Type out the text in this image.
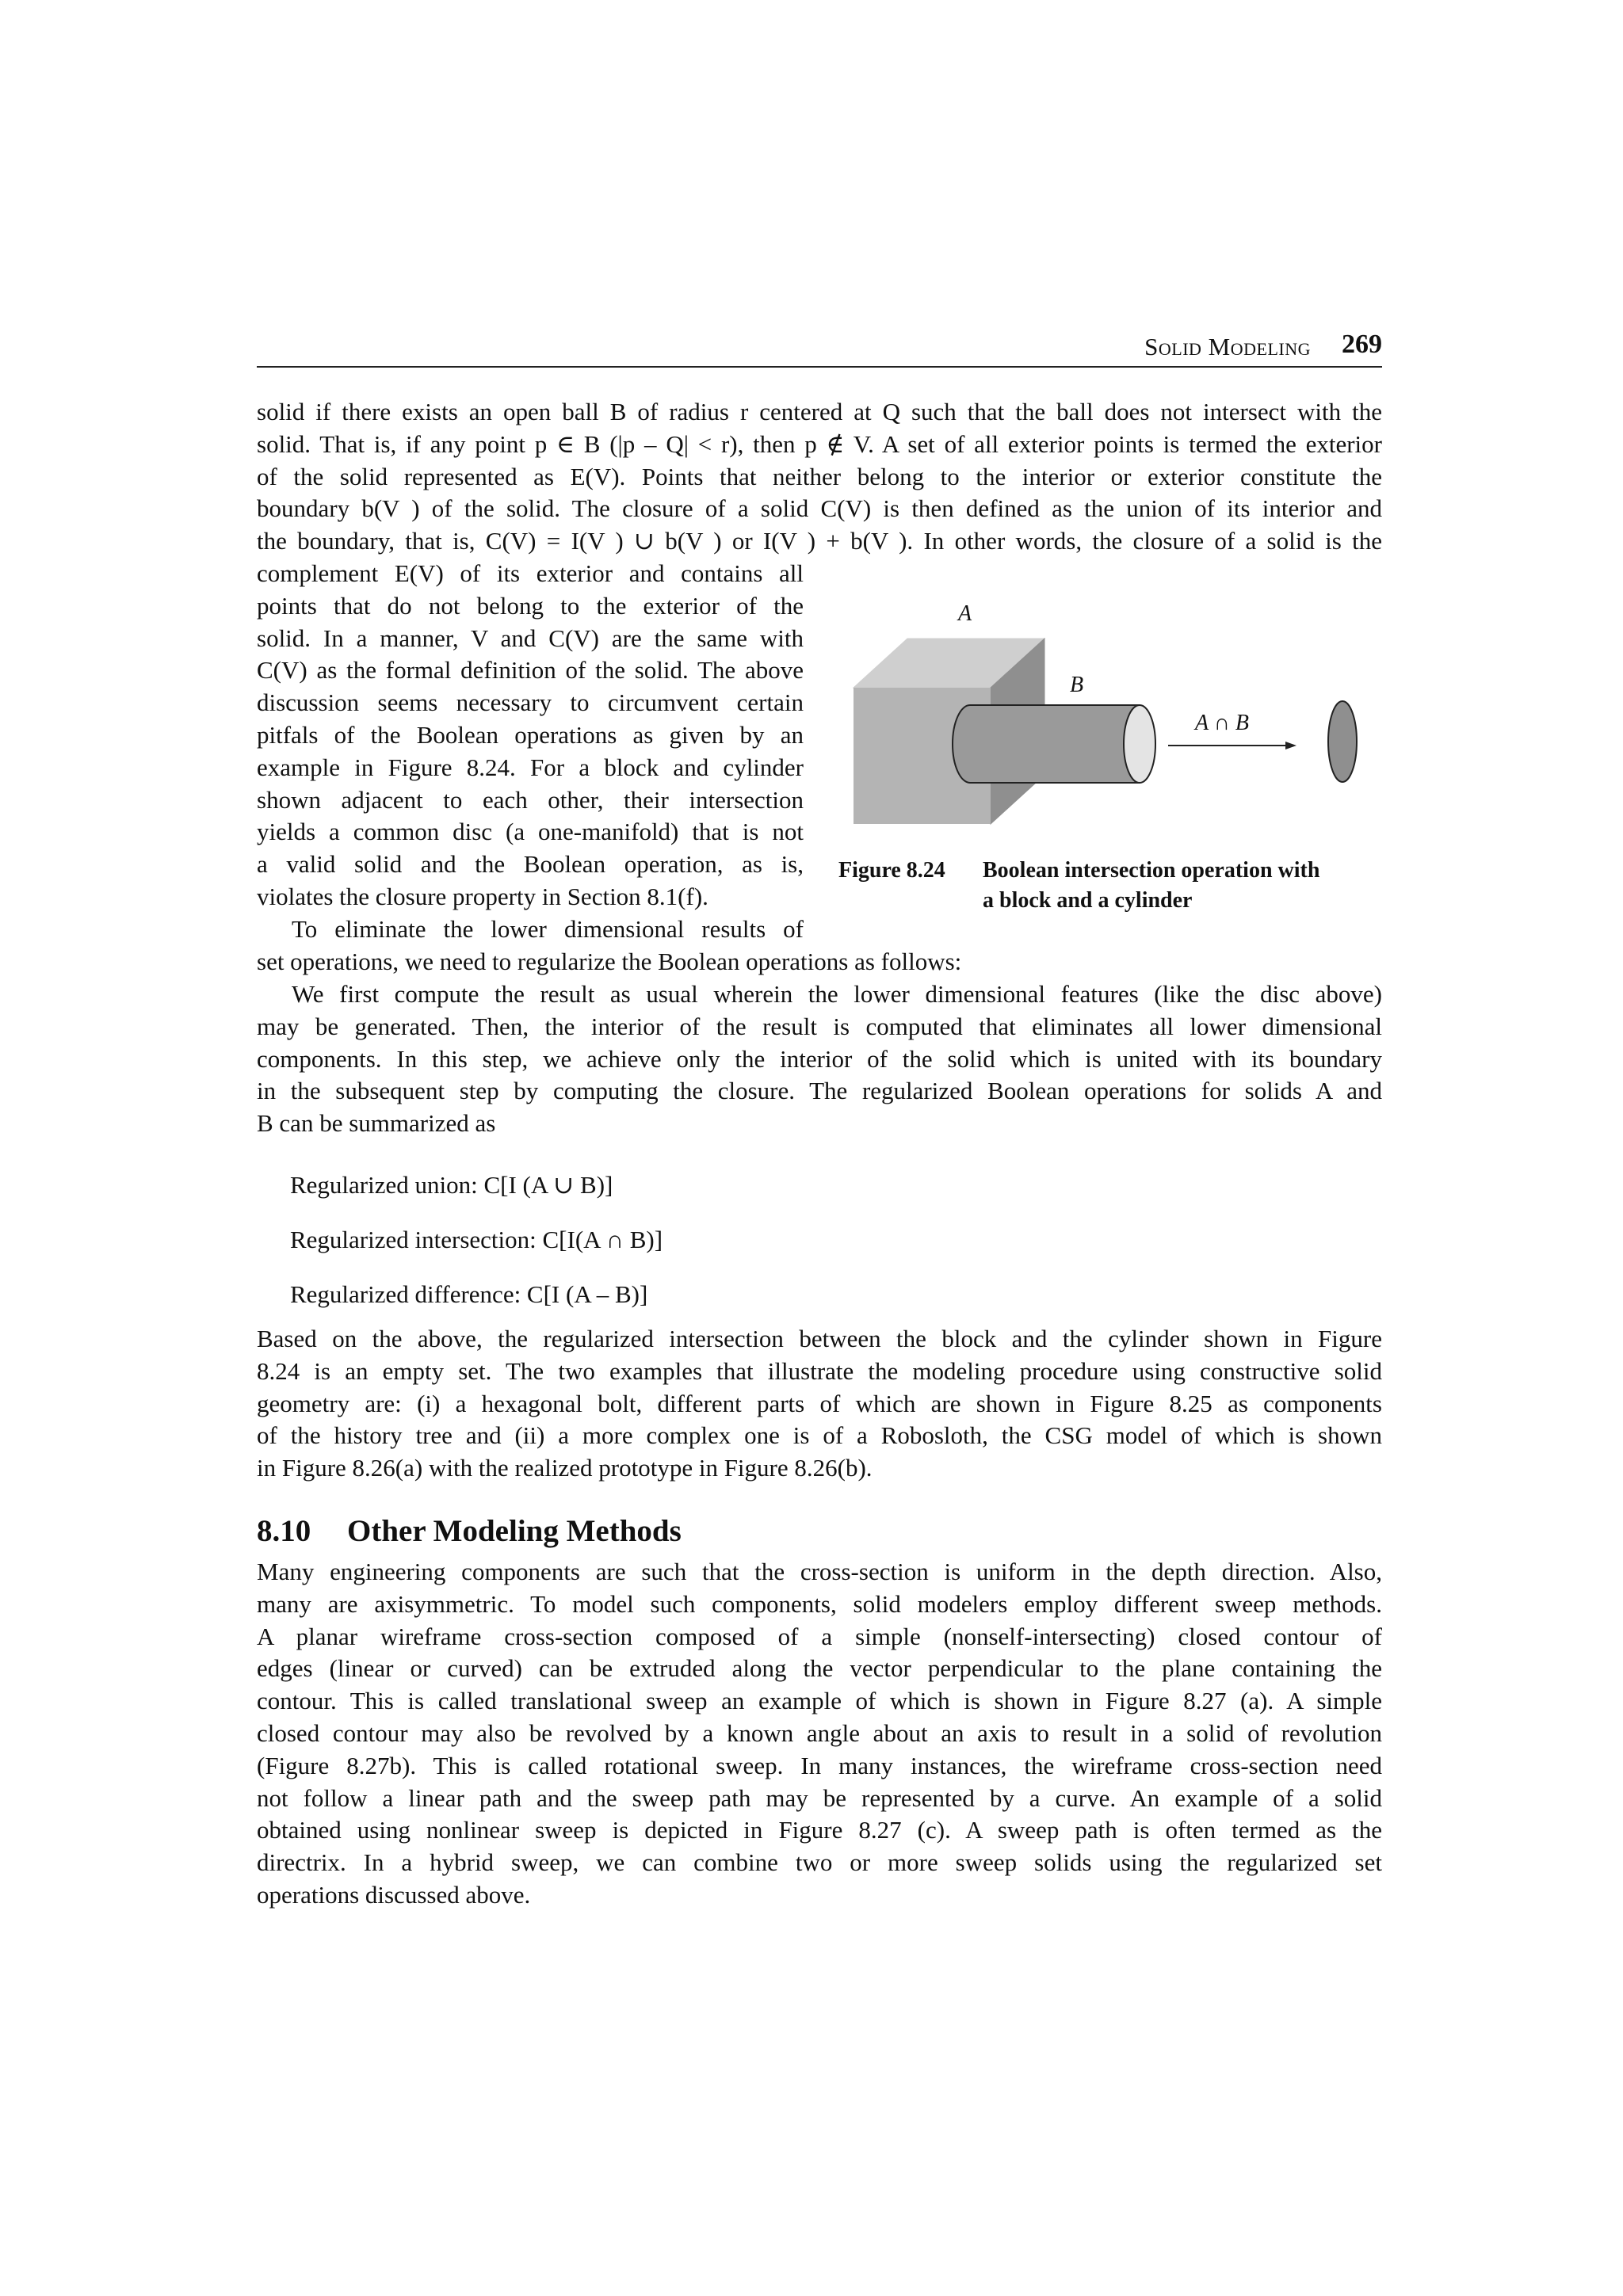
Solid Modeling 269
solid if there exists an open ball B of radius r centered at Q such that the ball does not intersect with the
solid. That is, if any point p ∈ B (|p – Q| < r), then p ∉ V. A set of all exterior points is termed the exterior
of the solid represented as E(V). Points that neither belong to the interior or exterior constitute the
boundary b(V ) of the solid. The closure of a solid C(V) is then defined as the union of its interior and
the boundary, that is, C(V) = I(V ) ∪ b(V ) or I(V ) + b(V ). In other words, the closure of a solid is the
complement E(V) of its exterior and contains all
points that do not belong to the exterior of the
solid. In a manner, V and C(V) are the same with
C(V) as the formal definition of the solid. The above
discussion seems necessary to circumvent certain
pitfals of the Boolean operations as given by an
example in Figure 8.24. For a block and cylinder
shown adjacent to each other, their intersection
yields a common disc (a one-manifold) that is not
a valid solid and the Boolean operation, as is,
violates the closure property in Section 8.1(f).
To eliminate the lower dimensional results of
set operations, we need to regularize the Boolean operations as follows:
We first compute the result as usual wherein the lower dimensional features (like the disc above)
may be generated. Then, the interior of the result is computed that eliminates all lower dimensional
components. In this step, we achieve only the interior of the solid which is united with its boundary
in the subsequent step by computing the closure. The regularized Boolean operations for solids A and
B can be summarized as
Regularized union: C[I (A ∪ B)]
Regularized intersection: C[I(A ∩ B)]
Regularized difference: C[I (A – B)]
Based on the above, the regularized intersection between the block and the cylinder shown in Figure
8.24 is an empty set. The two examples that illustrate the modeling procedure using constructive solid
geometry are: (i) a hexagonal bolt, different parts of which are shown in Figure 8.25 as components
of the history tree and (ii) a more complex one is of a Robosloth, the CSG model of which is shown
in Figure 8.26(a) with the realized prototype in Figure 8.26(b).
8.10 Other Modeling Methods
Many engineering components are such that the cross-section is uniform in the depth direction. Also,
many are axisymmetric. To model such components, solid modelers employ different sweep methods.
A planar wireframe cross-section composed of a simple (nonself-intersecting) closed contour of
edges (linear or curved) can be extruded along the vector perpendicular to the plane containing the
contour. This is called translational sweep an example of which is shown in Figure 8.27 (a). A simple
closed contour may also be revolved by a known angle about an axis to result in a solid of revolution
(Figure 8.27b). This is called rotational sweep. In many instances, the wireframe cross-section need
not follow a linear path and the sweep path may be represented by a curve. An example of a solid
obtained using nonlinear sweep is depicted in Figure 8.27 (c). A sweep path is often termed as the
directrix. In a hybrid sweep, we can combine two or more sweep solids using the regularized set
operations discussed above.
A
B
A ∩ B
Figure 8.24 Boolean intersection operation with
a block and a cylinder
